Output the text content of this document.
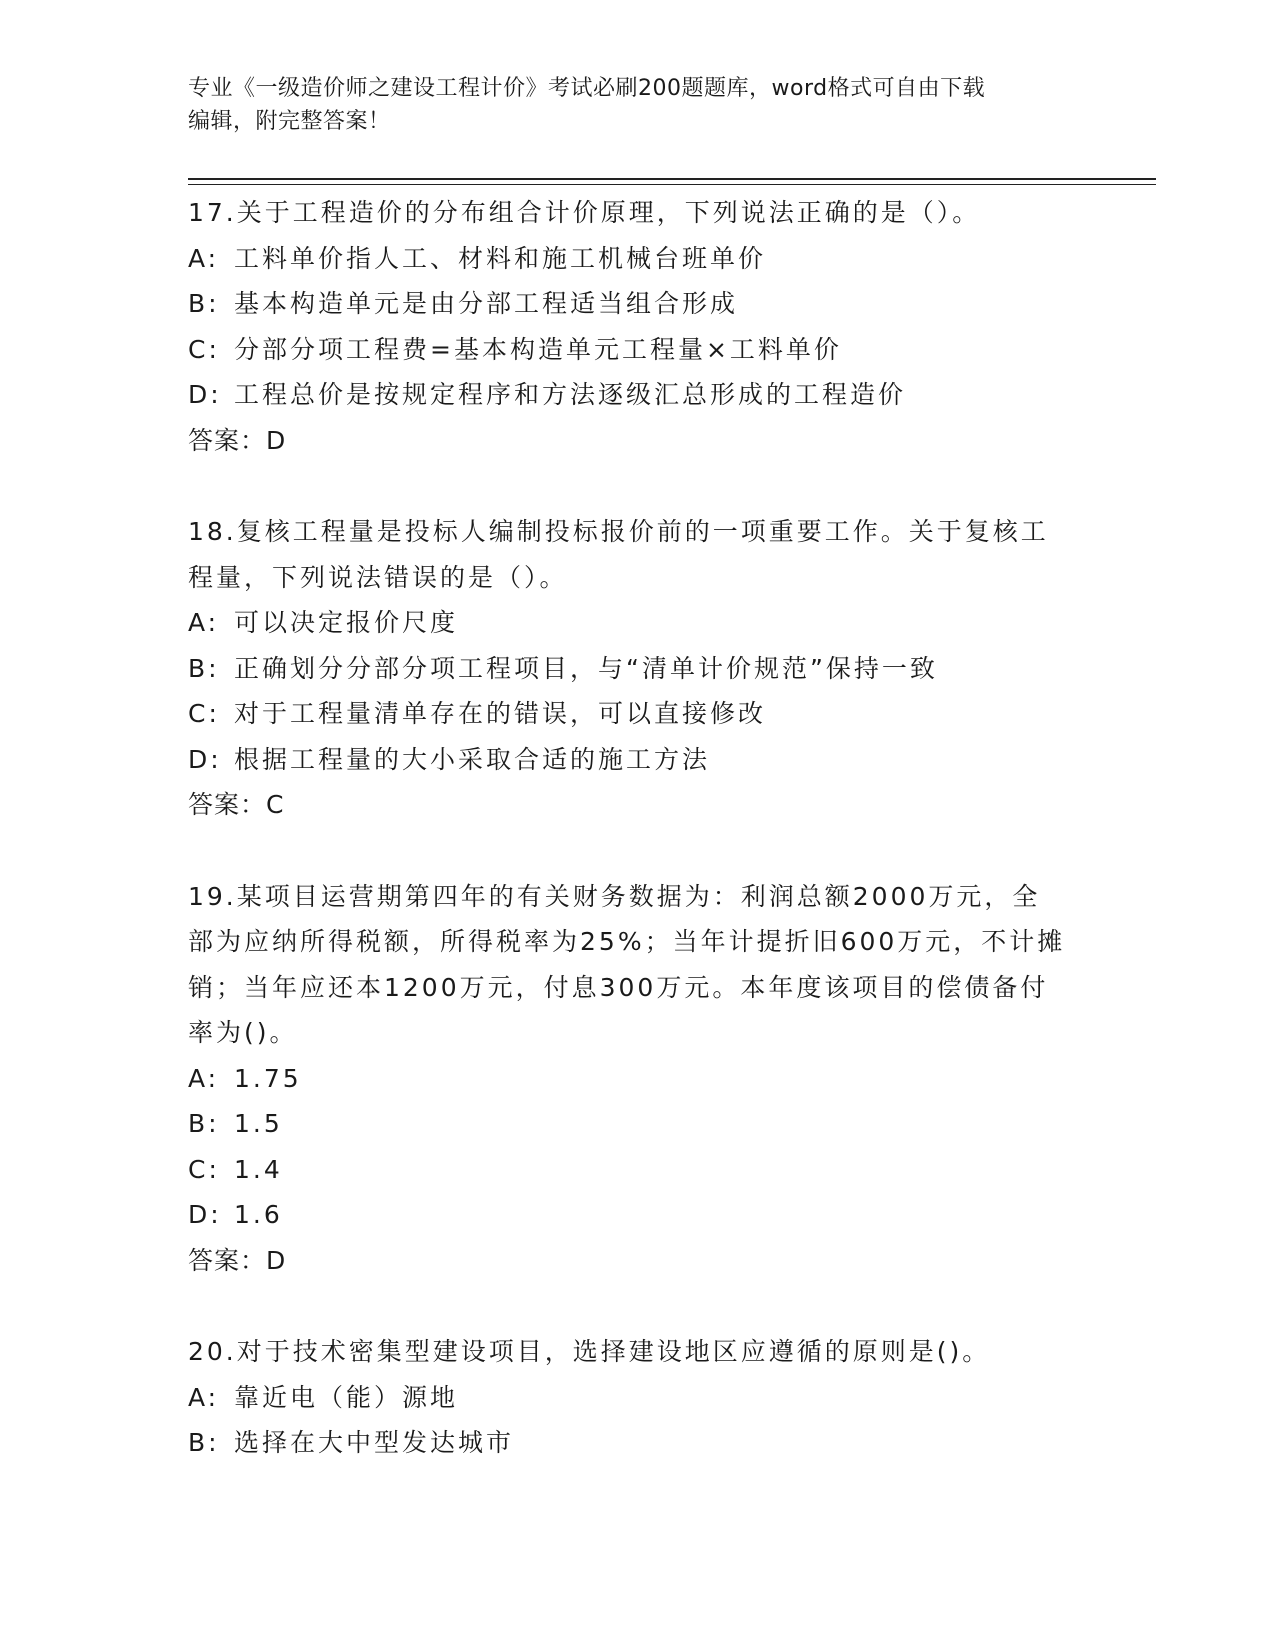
专业《一级造价师之建设工程计价》考试必刷200题题库，word格式可自由下载
编辑，附完整答案！
17.关于工程造价的分布组合计价原理，下列说法正确的是（）。
A: 工料单价指人工、材料和施工机械台班单价
B: 基本构造单元是由分部工程适当组合形成
C: 分部分项工程费=基本构造单元工程量×工料单价
D: 工程总价是按规定程序和方法逐级汇总形成的工程造价
答案：D
18.复核工程量是投标人编制投标报价前的一项重要工作。关于复核工
程量，下列说法错误的是（）。
A: 可以决定报价尺度
B: 正确划分分部分项工程项目，与“清单计价规范”保持一致
C: 对于工程量清单存在的错误，可以直接修改
D: 根据工程量的大小采取合适的施工方法
答案：C
19.某项目运营期第四年的有关财务数据为：利润总额2000万元，全
部为应纳所得税额，所得税率为25%；当年计提折旧600万元，不计摊
销；当年应还本1200万元，付息300万元。本年度该项目的偿债备付
率为()。
A: 1.75
B: 1.5
C: 1.4
D: 1.6
答案：D
20.对于技术密集型建设项目，选择建设地区应遵循的原则是()。
A: 靠近电（能）源地
B: 选择在大中型发达城市
